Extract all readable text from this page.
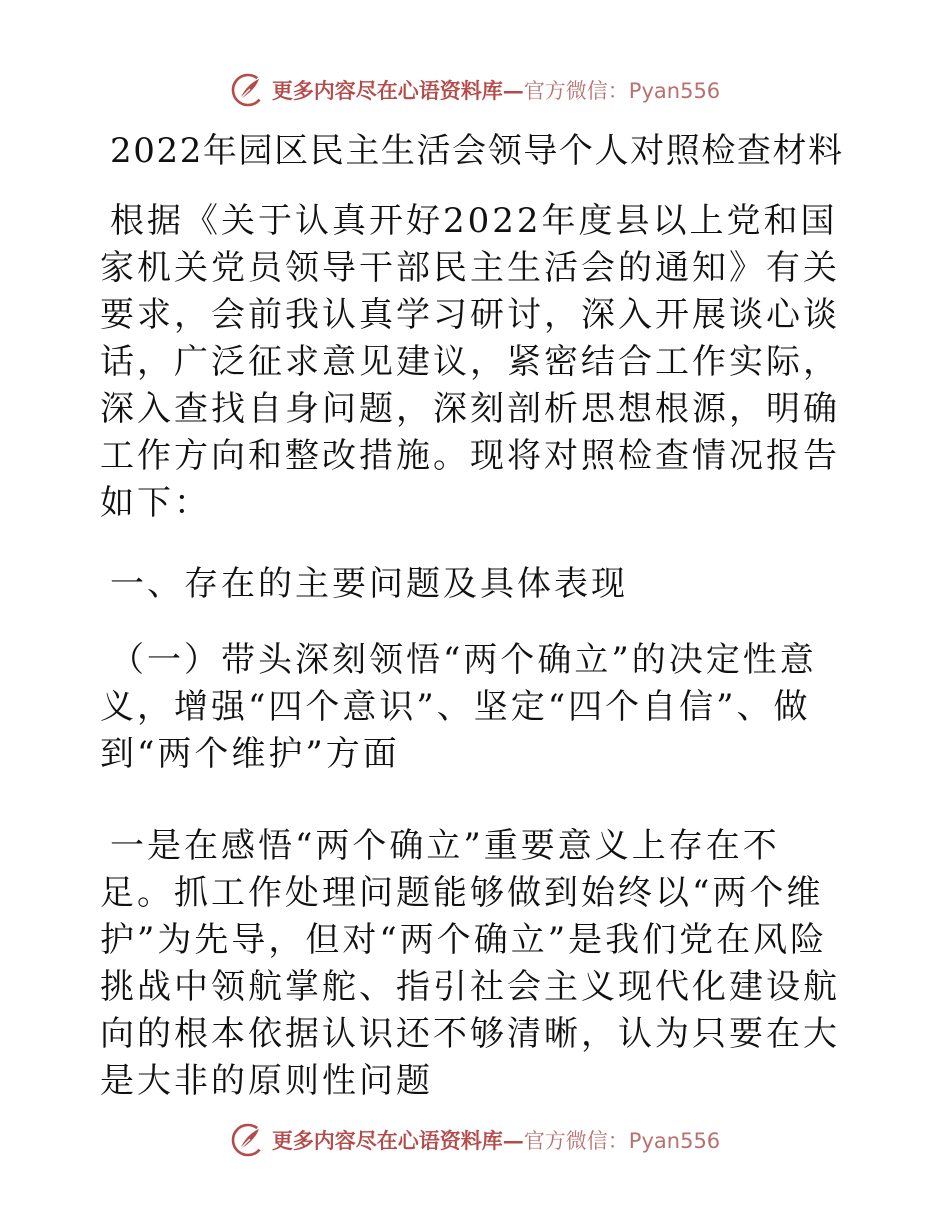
更多内容尽在心语资料库— 官方微信：Pyan556
2022年园区民主生活会领导个人对照检查材料
根据《关于认真开好2022年度县以上党和国家机关党员领导干部民主生活会的通知》有关要求，会前我认真学习研讨，深入开展谈心谈话，广泛征求意见建议，紧密结合工作实际，深入查找自身问题，深刻剖析思想根源，明确工作方向和整改措施。现将对照检查情况报告如下：
一、存在的主要问题及具体表现
（一）带头深刻领悟“两个确立”的决定性意义，增强“四个意识”、坚定“四个自信”、做到“两个维护”方面
一是在感悟“两个确立”重要意义上存在不足。抓工作处理问题能够做到始终以“两个维护”为先导，但对“两个确立”是我们党在风险挑战中领航掌舵、指引社会主义现代化建设航向的根本依据认识还不够清晰，认为只要在大是大非的原则性问题
更多内容尽在心语资料库— 官方微信：Pyan556
